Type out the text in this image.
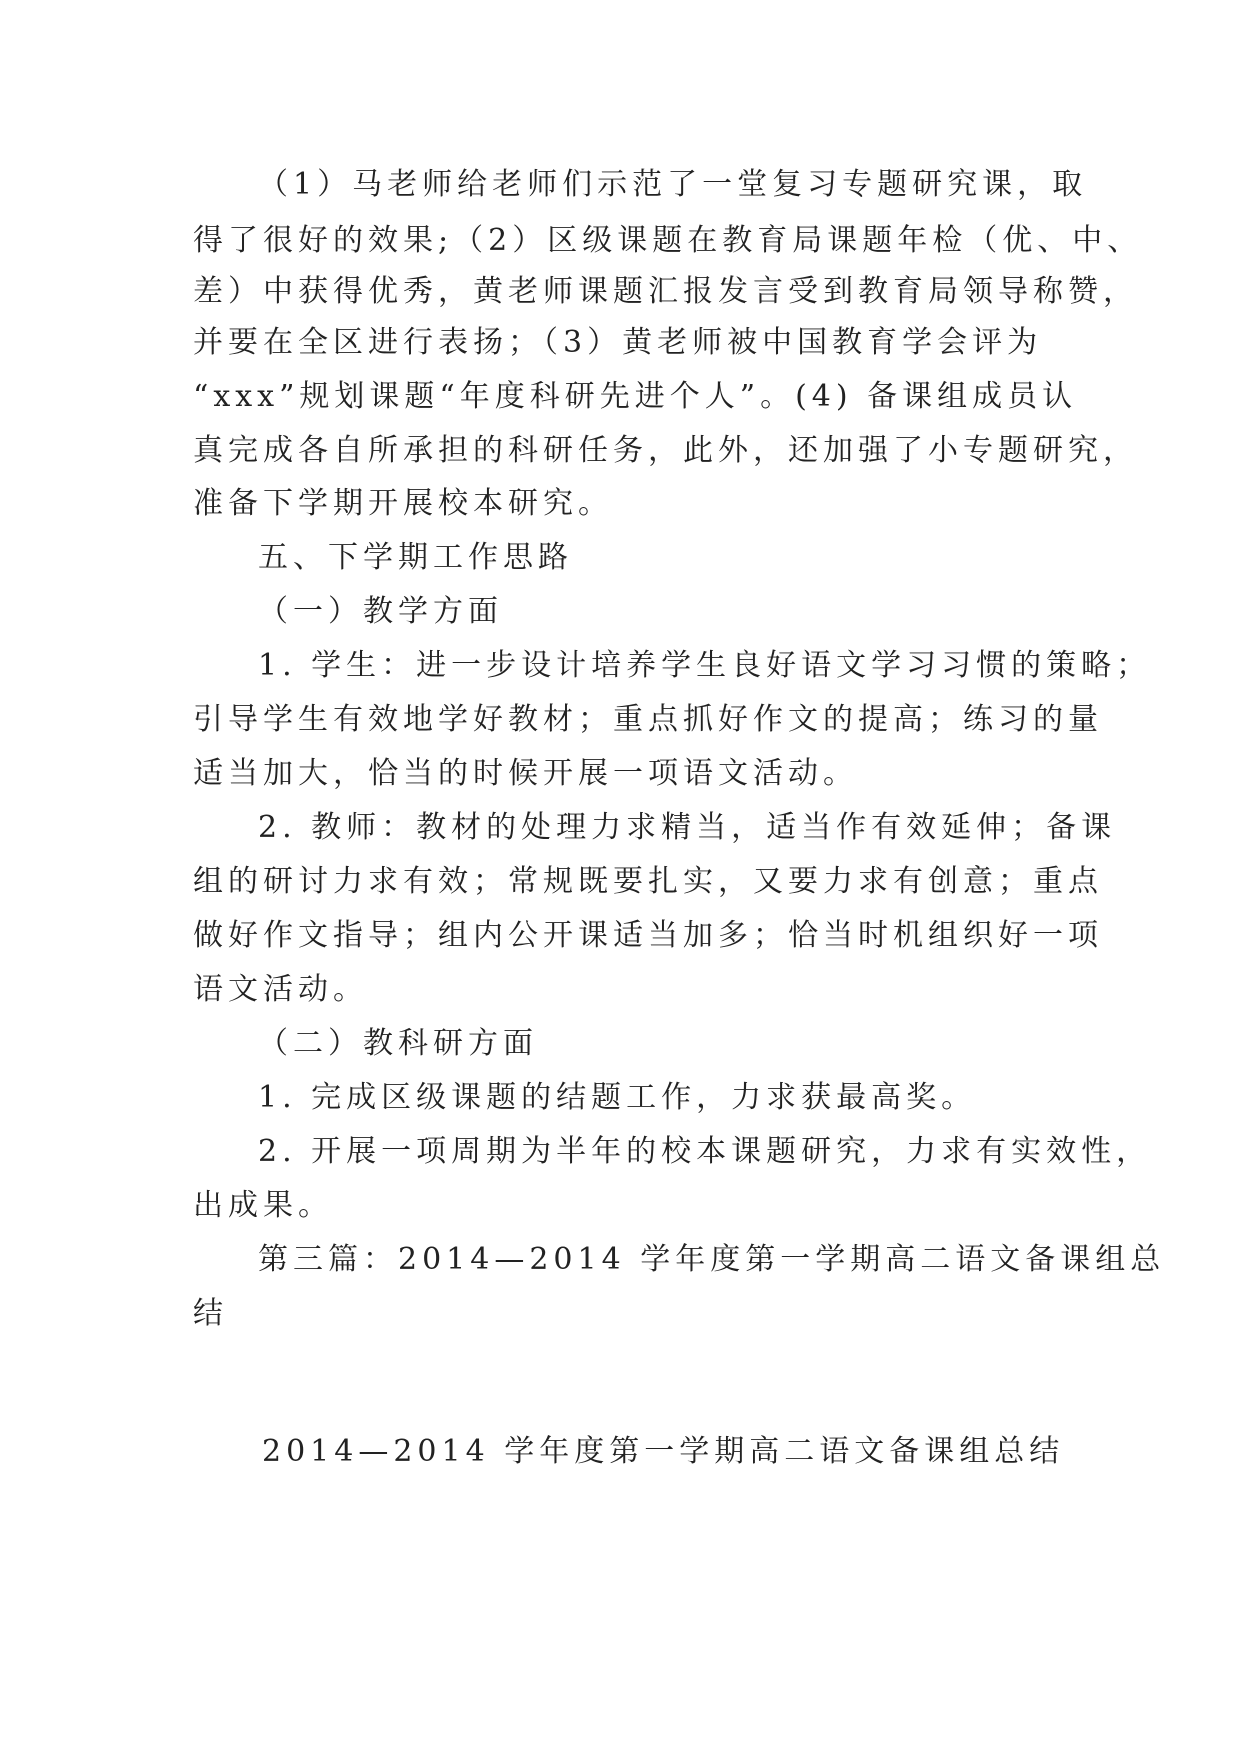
（1）马老师给老师们示范了一堂复习专题研究课，取
得了很好的效果;（2）区级课题在教育局课题年检（优、中、
差）中获得优秀，黄老师课题汇报发言受到教育局领导称赞，
并要在全区进行表扬；（3）黄老师被中国教育学会评为
“xxx”规划课题“年度科研先进个人”。(4) 备课组成员认
真完成各自所承担的科研任务，此外，还加强了小专题研究，
准备下学期开展校本研究。
五、下学期工作思路
（一）教学方面
1. 学生：进一步设计培养学生良好语文学习习惯的策略；
引导学生有效地学好教材；重点抓好作文的提高；练习的量
适当加大，恰当的时候开展一项语文活动。
2. 教师：教材的处理力求精当，适当作有效延伸；备课
组的研讨力求有效；常规既要扎实，又要力求有创意；重点
做好作文指导；组内公开课适当加多；恰当时机组织好一项
语文活动。
（二）教科研方面
1. 完成区级课题的结题工作，力求获最高奖。
2. 开展一项周期为半年的校本课题研究，力求有实效性，
出成果。
第三篇：2014—2014 学年度第一学期高二语文备课组总
结
2014—2014 学年度第一学期高二语文备课组总结
